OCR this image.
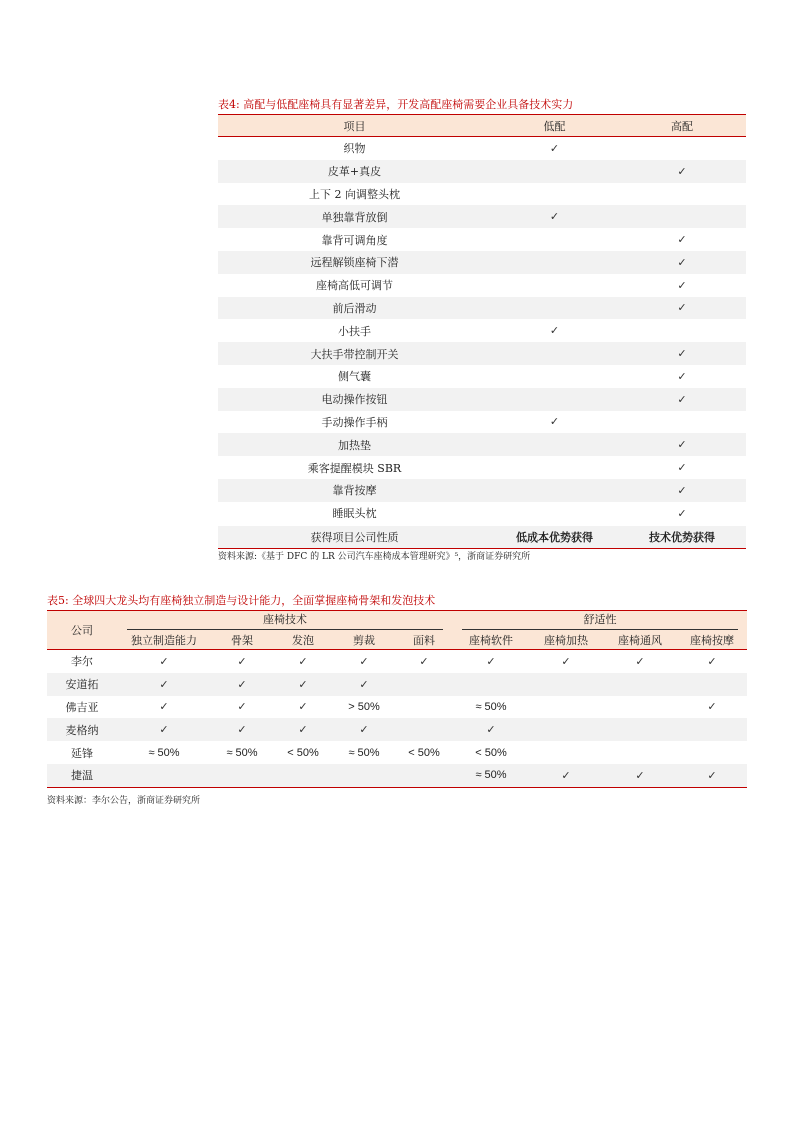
表4: 高配与低配座椅具有显著差异，开发高配座椅需要企业具备技术实力
项目	低配	高配
织物	✓	
皮革+真皮		✓
上下 2 向调整头枕		
单独靠背放倒	✓	
靠背可调角度		✓
远程解锁座椅下潜		✓
座椅高低可调节		✓
前后滑动		✓
小扶手	✓	
大扶手带控制开关		✓
侧气囊		✓
电动操作按钮		✓
手动操作手柄	✓	
加热垫		✓
乘客提醒模块 SBR		✓
靠背按摩		✓
睡眠头枕		✓
获得项目公司性质	低成本优势获得	技术优势获得
资料来源:《基于 DFC 的 LR 公司汽车座椅成本管理研究》⁵，浙商证券研究所
表5: 全球四大龙头均有座椅独立制造与设计能力，全面掌握座椅骨架和发泡技术
公司	座椅技术					舒适性			
	独立制造能力	骨架	发泡	剪裁	面料	座椅软件	座椅加热	座椅通风	座椅按摩
李尔	✓	✓	✓	✓	✓	✓	✓	✓	✓
安道拓	✓	✓	✓	✓					
佛吉亚	✓	✓	✓	> 50%		≈ 50%			✓
麦格纳	✓	✓	✓	✓		✓			
延锋	≈ 50%	≈ 50%	< 50%	≈ 50%	< 50%	< 50%			
捷温						≈ 50%	✓	✓	✓
资料来源：李尔公告，浙商证券研究所
